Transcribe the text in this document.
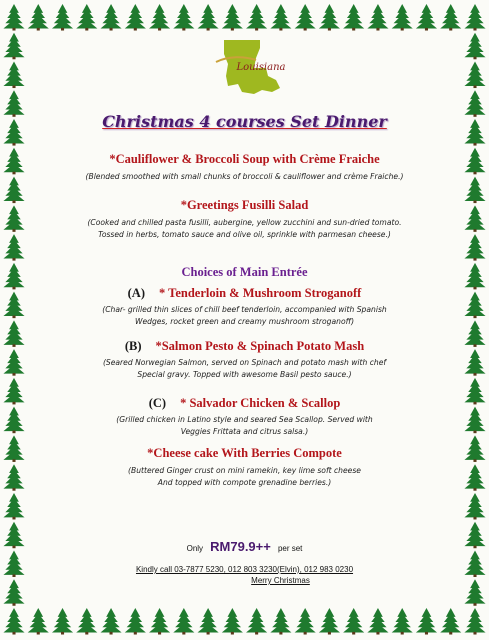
Louisiana
Christmas 4 courses Set Dinner
*Cauliflower & Broccoli Soup with Crème Fraiche
(Blended smoothed with small chunks of broccoli & cauliflower and crème Fraiche.)
*Greetings Fusilli Salad
(Cooked and chilled pasta fusilli, aubergine, yellow zucchini and sun-dried tomato.
Tossed in herbs, tomato sauce and olive oil, sprinkle with parmesan cheese.)
Choices of Main Entrée
(A) * Tenderloin & Mushroom Stroganoff
(Char- grilled thin slices of chill beef tenderloin, accompanied with Spanish
Wedges, rocket green and creamy mushroom stroganoff)
(B) *Salmon Pesto & Spinach Potato Mash
(Seared Norwegian Salmon, served on Spinach and potato mash with chef
Special gravy. Topped with awesome Basil pesto sauce.)
(C) * Salvador Chicken & Scallop
(Grilled chicken in Latino style and seared Sea Scallop. Served with
Veggies Frittata and citrus salsa.)
*Cheese cake With Berries Compote
(Buttered Ginger crust on mini ramekin, key lime soft cheese
And topped with compote grenadine berries.)
Only RM79.9++ per set
Kindly call 03-7877 5230, 012 803 3230(Elvin), 012 983 0230
Merry Christmas
